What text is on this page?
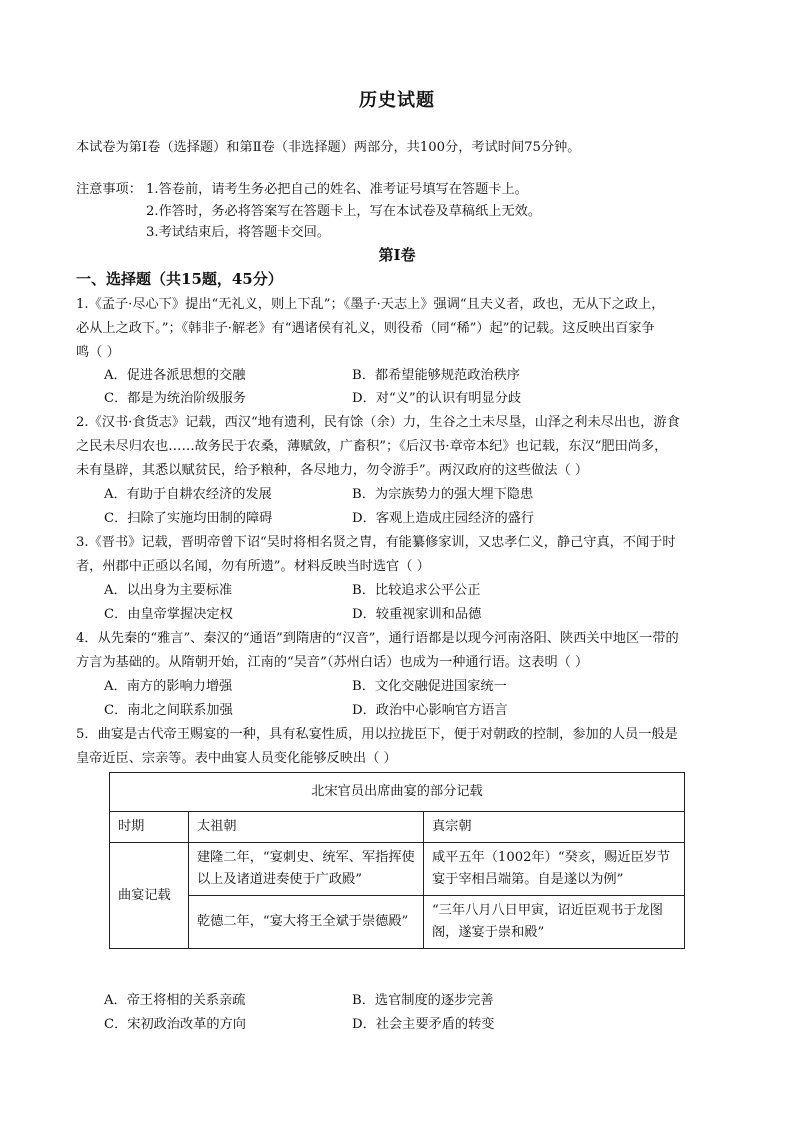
历史试题
本试卷为第Ⅰ卷（选择题）和第Ⅱ卷（非选择题）两部分，共100分，考试时间75分钟。
注意事项： 1.答卷前，请考生务必把自己的姓名、准考证号填写在答题卡上。
2.作答时，务必将答案写在答题卡上，写在本试卷及草稿纸上无效。
3.考试结束后，将答题卡交回。
第Ⅰ卷
一、选择题（共15题，45分）
1.《孟子·尽心下》提出“无礼义，则上下乱”；《墨子·天志上》强调“且夫义者，政也，无从下之政上，
必从上之政下。”；《韩非子·解老》有“遇诸侯有礼义，则役希（同“稀”）起”的记载。这反映出百家争
鸣（ ）
A．促进各派思想的交融	B．都希望能够规范政治秩序
C．都是为统治阶级服务	D．对“义”的认识有明显分歧
2.《汉书·食货志》记载，西汉“地有遗利，民有馀（余）力，生谷之土未尽垦，山泽之利未尽出也，游食
之民未尽归农也……故务民于农桑，薄赋敛，广畜积”；《后汉书·章帝本纪》也记载，东汉“肥田尚多，
未有垦辟，其悉以赋贫民，给予粮种，各尽地力，勿令游手”。两汉政府的这些做法（ ）
A．有助于自耕农经济的发展	B．为宗族势力的强大埋下隐患
C．扫除了实施均田制的障碍	D．客观上造成庄园经济的盛行
3.《晋书》记载，晋明帝曾下诏“吴时将相名贤之胄，有能纂修家训，又忠孝仁义，静己守真，不闻于时
者，州郡中正亟以名闻，勿有所遗”。材料反映当时选官（ ）
A．以出身为主要标准	B．比较追求公平公正
C．由皇帝掌握决定权	D．较重视家训和品德
4．从先秦的“雅言”、秦汉的“通语”到隋唐的“汉音”，通行语都是以现今河南洛阳、陕西关中地区一带的
方言为基础的。从隋朝开始，江南的“吴音”（苏州白话）也成为一种通行语。这表明（ ）
A．南方的影响力增强	B．文化交融促进国家统一
C．南北之间联系加强	D．政治中心影响官方语言
5．曲宴是古代帝王赐宴的一种，具有私宴性质，用以拉拢臣下，便于对朝政的控制，参加的人员一般是
皇帝近臣、宗亲等。表中曲宴人员变化能够反映出（ ）
北宋官员出席曲宴的部分记载		
时期	太祖朝	真宗朝
曲宴记载	建隆二年，“宴刺史、统军、军指挥使以上及诸道进奏使于广政殿”	咸平五年（1002年）“癸亥，赐近臣岁节宴于宰相吕端第。自是遂以为例”
	乾德二年，“宴大将王全斌于崇德殿”	“三年八月八日甲寅，诏近臣观书于龙图阁，遂宴于崇和殿”
A．帝王将相的关系亲疏	B．选官制度的逐步完善
C．宋初政治改革的方向	D．社会主要矛盾的转变
